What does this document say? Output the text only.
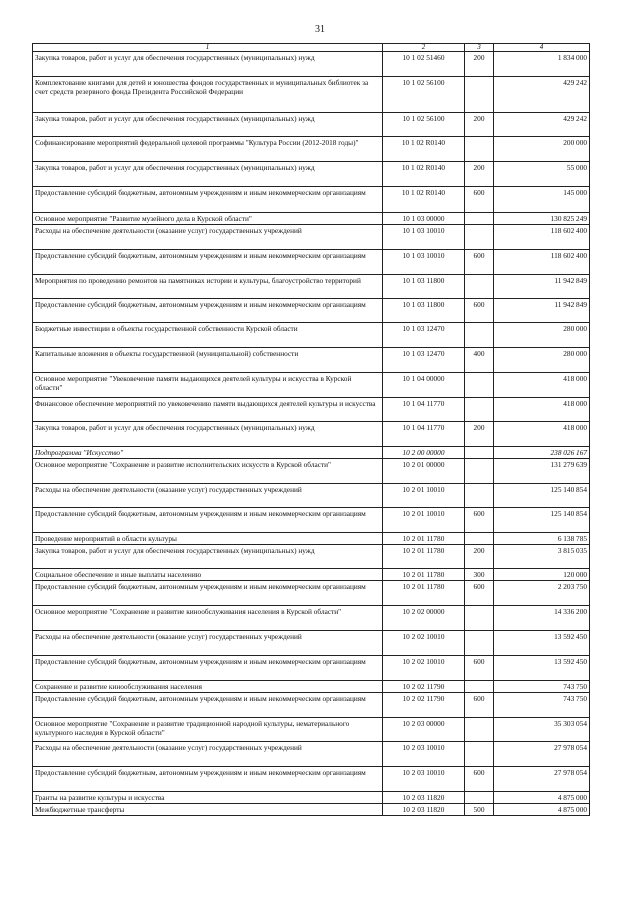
31
1	2	3	4
Закупка товаров, работ и услуг для обеспечения государственных (муниципальных) нужд	10 1 02 51460	200	1 834 000
Комплектование книгами для детей и юношества фондов государственных и муниципальных библиотек за счет средств резервного фонда Президента Российской Федерации	10 1 02 56100		429 242
Закупка товаров, работ и услуг для обеспечения государственных (муниципальных) нужд	10 1 02 56100	200	429 242
Софинансирование мероприятий федеральной целевой программы "Культура России (2012-2018 годы)"	10 1 02 R0140		200 000
Закупка товаров, работ и услуг для обеспечения государственных (муниципальных) нужд	10 1 02 R0140	200	55 000
Предоставление субсидий бюджетным, автономным учреждениям и иным некоммерческим организациям	10 1 02 R0140	600	145 000
Основное мероприятие "Развитие музейного дела в Курской области"	10 1 03 00000		130 825 249
Расходы на обеспечение деятельности (оказание услуг) государственных учреждений	10 1 03 10010		118 602 400
Предоставление субсидий бюджетным, автономным учреждениям и иным некоммерческим организациям	10 1 03 10010	600	118 602 400
Мероприятия по проведению ремонтов на памятниках истории и культуры, благоустройство территорий	10 1 03 11800		11 942 849
Предоставление субсидий бюджетным, автономным учреждениям и иным некоммерческим организациям	10 1 03 11800	600	11 942 849
Бюджетные инвестиции в объекты государственной собственности Курской области	10 1 03 12470		280 000
Капитальные вложения в объекты государственной (муниципальной) собственности	10 1 03 12470	400	280 000
Основное мероприятие "Увековечение памяти выдающихся деятелей культуры и искусства в Курской области"	10 1 04 00000		418 000
Финансовое обеспечение мероприятий по увековечению памяти выдающихся деятелей культуры и искусства	10 1 04 11770		418 000
Закупка товаров, работ и услуг для обеспечения государственных (муниципальных) нужд	10 1 04 11770	200	418 000
Подпрограмма "Искусство"	10 2 00 00000		238 026 167
Основное мероприятие "Сохранение и развитие исполнительских искусств в Курской области"	10 2 01 00000		131 279 639
Расходы на обеспечение деятельности (оказание услуг) государственных учреждений	10 2 01 10010		125 140 854
Предоставление субсидий бюджетным, автономным учреждениям и иным некоммерческим организациям	10 2 01 10010	600	125 140 854
Проведение мероприятий в области культуры	10 2 01 11780		6 138 785
Закупка товаров, работ и услуг для обеспечения государственных (муниципальных) нужд	10 2 01 11780	200	3 815 035
Социальное обеспечение и иные выплаты населению	10 2 01 11780	300	120 000
Предоставление субсидий бюджетным, автономным учреждениям и иным некоммерческим организациям	10 2 01 11780	600	2 203 750
Основное мероприятие "Сохранение и развитие кинообслуживания населения в Курской области"	10 2 02 00000		14 336 200
Расходы на обеспечение деятельности (оказание услуг) государственных учреждений	10 2 02 10010		13 592 450
Предоставление субсидий бюджетным, автономным учреждениям и иным некоммерческим организациям	10 2 02 10010	600	13 592 450
Сохранение и развитие кинообслуживания населения	10 2 02 11790		743 750
Предоставление субсидий бюджетным, автономным учреждениям и иным некоммерческим организациям	10 2 02 11790	600	743 750
Основное мероприятие "Сохранение и развитие традиционной народной культуры, нематериального культурного наследия в Курской области"	10 2 03 00000		35 303 054
Расходы на обеспечение деятельности (оказание услуг) государственных учреждений	10 2 03 10010		27 978 054
Предоставление субсидий бюджетным, автономным учреждениям и иным некоммерческим организациям	10 2 03 10010	600	27 978 054
Гранты на развитие культуры и искусства	10 2 03 11820		4 875 000
Межбюджетные трансферты	10 2 03 11820	500	4 875 000
